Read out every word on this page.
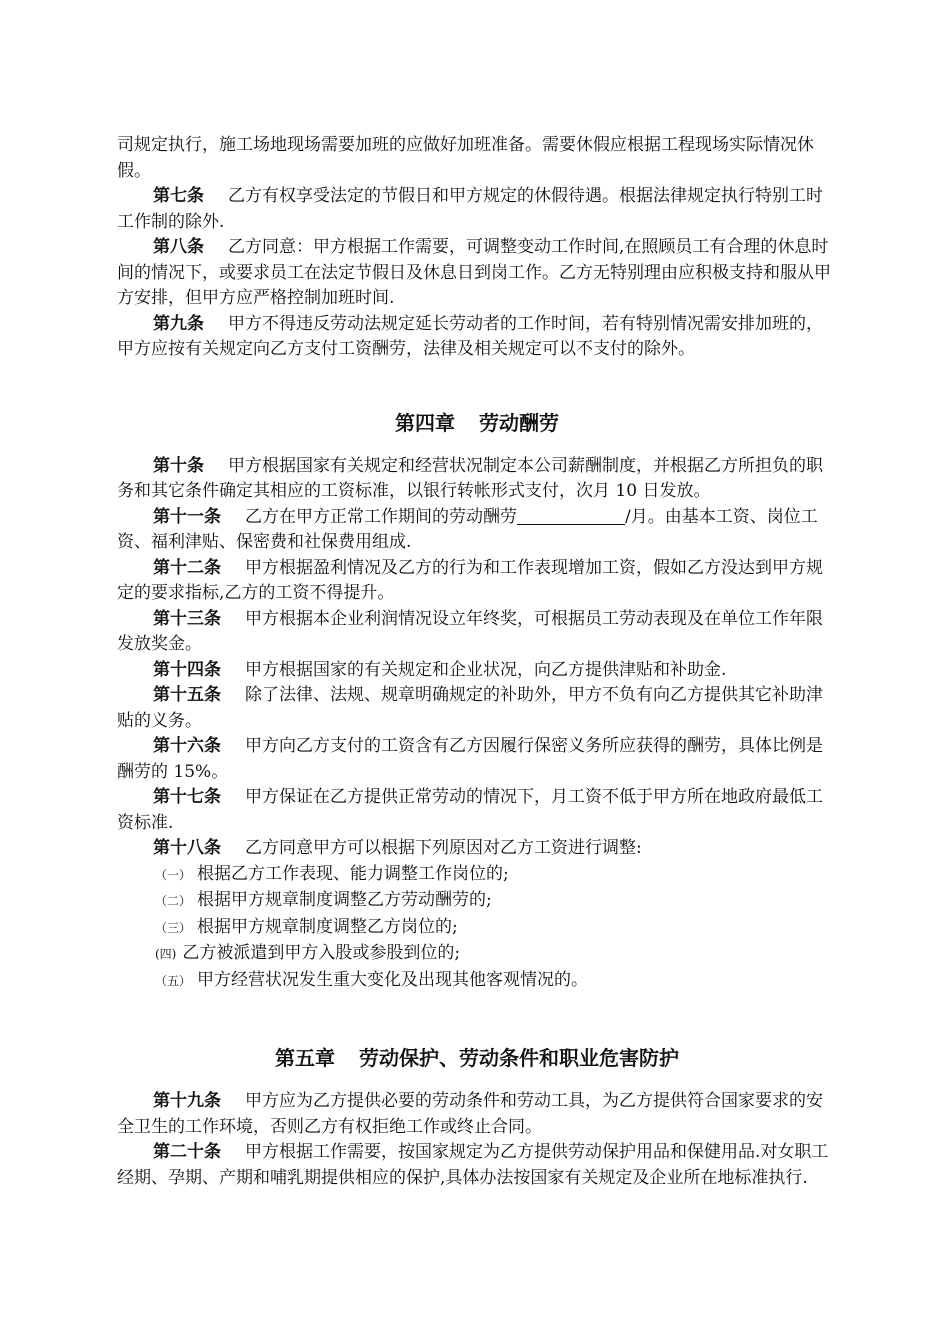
司规定执行，施工场地现场需要加班的应做好加班准备。需要休假应根据工程现场实际情况休假。

第七条 乙方有权享受法定的节假日和甲方规定的休假待遇。根据法律规定执行特别工时工作制的除外.

第八条 乙方同意：甲方根据工作需要，可调整变动工作时间,在照顾员工有合理的休息时间的情况下，或要求员工在法定节假日及休息日到岗工作。乙方无特别理由应积极支持和服从甲方安排，但甲方应严格控制加班时间.

第九条 甲方不得违反劳动法规定延长劳动者的工作时间，若有特别情况需安排加班的，甲方应按有关规定向乙方支付工资酬劳，法律及相关规定可以不支付的除外。

第四章 劳动酬劳

第十条 甲方根据国家有关规定和经营状况制定本公司薪酬制度，并根据乙方所担负的职务和其它条件确定其相应的工资标准，以银行转帐形式支付，次月 10 日发放。

第十一条 乙方在甲方正常工作期间的劳动酬劳	/月。由基本工资、岗位工资、福利津贴、保密费和社保费用组成.

第十二条 甲方根据盈利情况及乙方的行为和工作表现增加工资，假如乙方没达到甲方规定的要求指标,乙方的工资不得提升。

第十三条 甲方根据本企业利润情况设立年终奖，可根据员工劳动表现及在单位工作年限发放奖金。

第十四条 甲方根据国家的有关规定和企业状况，向乙方提供津贴和补助金.

第十五条 除了法律、法规、规章明确规定的补助外，甲方不负有向乙方提供其它补助津贴的义务。

第十六条 甲方向乙方支付的工资含有乙方因履行保密义务所应获得的酬劳，具体比例是酬劳的 15%。

第十七条 甲方保证在乙方提供正常劳动的情况下，月工资不低于甲方所在地政府最低工资标准.

第十八条 乙方同意甲方可以根据下列原因对乙方工资进行调整:

（一） 根据乙方工作表现、能力调整工作岗位的;

（二） 根据甲方规章制度调整乙方劳动酬劳的;

（三） 根据甲方规章制度调整乙方岗位的;

(四) 乙方被派遣到甲方入股或参股到位的;

（五） 甲方经营状况发生重大变化及出现其他客观情况的。

第五章 劳动保护、劳动条件和职业危害防护

第十九条 甲方应为乙方提供必要的劳动条件和劳动工具，为乙方提供符合国家要求的安全卫生的工作环境，否则乙方有权拒绝工作或终止合同。

第二十条 甲方根据工作需要，按国家规定为乙方提供劳动保护用品和保健用品.对女职工经期、孕期、产期和哺乳期提供相应的保护,具体办法按国家有关规定及企业所在地标准执行.
